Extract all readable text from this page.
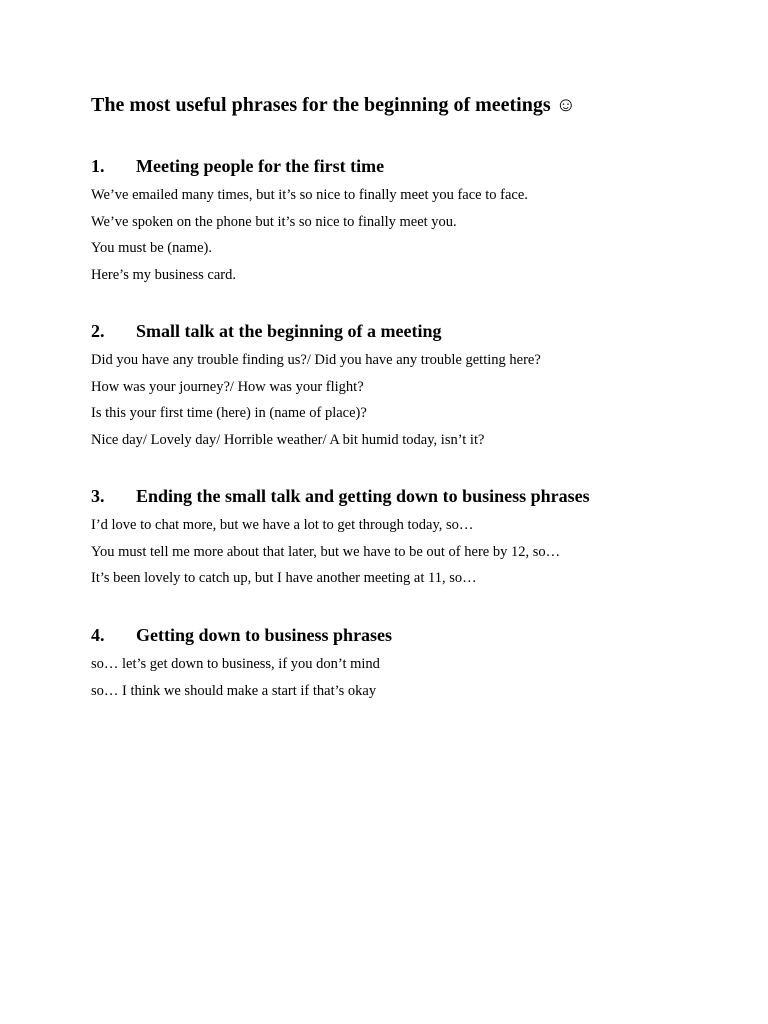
The most useful phrases for the beginning of meetings ☺
1. Meeting people for the first time

We’ve emailed many times, but it’s so nice to finally meet you face to face.

We’ve spoken on the phone but it’s so nice to finally meet you.

You must be (name).

Here’s my business card.

2. Small talk at the beginning of a meeting

Did you have any trouble finding us?/ Did you have any trouble getting here?

How was your journey?/ How was your flight?

Is this your first time (here) in (name of place)?

Nice day/ Lovely day/ Horrible weather/ A bit humid today, isn’t it?

3. Ending the small talk and getting down to business phrases

I’d love to chat more, but we have a lot to get through today, so…

You must tell me more about that later, but we have to be out of here by 12, so…

It’s been lovely to catch up, but I have another meeting at 11, so…

4. Getting down to business phrases

so… let’s get down to business, if you don’t mind

so… I think we should make a start if that’s okay
